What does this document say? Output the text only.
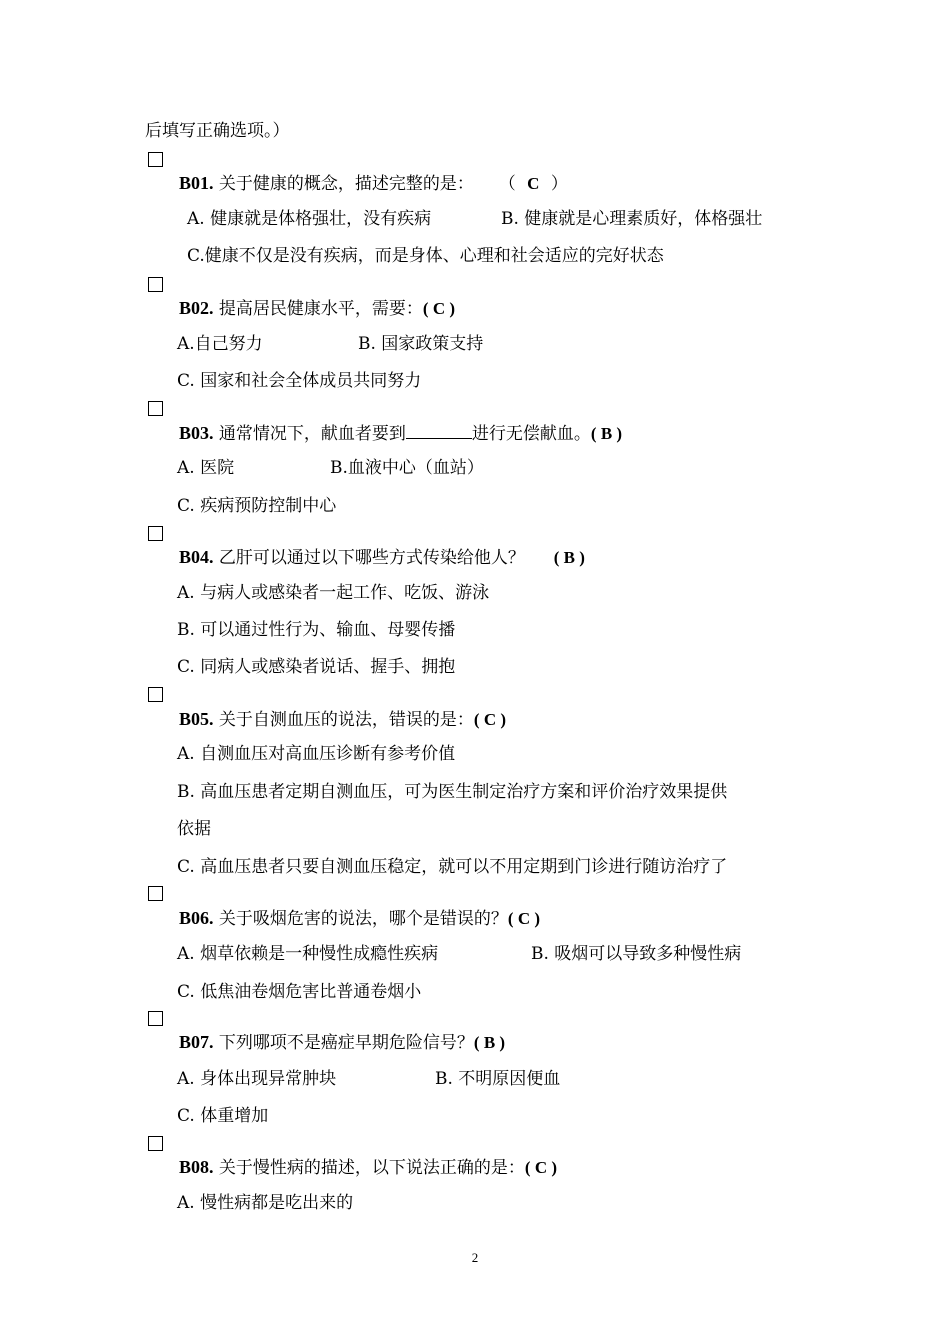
后填写正确选项。）
B01. 关于健康的概念，描述完整的是： （ C ）
A. 健康就是体格强壮，没有疾病	B. 健康就是心理素质好，体格强壮
C.健康不仅是没有疾病，而是身体、心理和社会适应的完好状态
B02. 提高居民健康水平，需要：( C )
A.自己努力	B. 国家政策支持
C. 国家和社会全体成员共同努力
B03. 通常情况下，献血者要到	进行无偿献血。( B )
A. 医院	B.血液中心（血站）
C. 疾病预防控制中心
B04. 乙肝可以通过以下哪些方式传染给他人？ ( B )
A. 与病人或感染者一起工作、吃饭、游泳
B. 可以通过性行为、输血、母婴传播
C. 同病人或感染者说话、握手、拥抱
B05. 关于自测血压的说法，错误的是：( C )
A. 自测血压对高血压诊断有参考价值
B. 高血压患者定期自测血压，可为医生制定治疗方案和评价治疗效果提供
依据
C. 高血压患者只要自测血压稳定，就可以不用定期到门诊进行随访治疗了
B06. 关于吸烟危害的说法，哪个是错误的？( C )
A. 烟草依赖是一种慢性成瘾性疾病	B. 吸烟可以导致多种慢性病
C. 低焦油卷烟危害比普通卷烟小
B07. 下列哪项不是癌症早期危险信号？( B )
A. 身体出现异常肿块	B. 不明原因便血
C. 体重增加
B08. 关于慢性病的描述，以下说法正确的是：( C )
A. 慢性病都是吃出来的
2
